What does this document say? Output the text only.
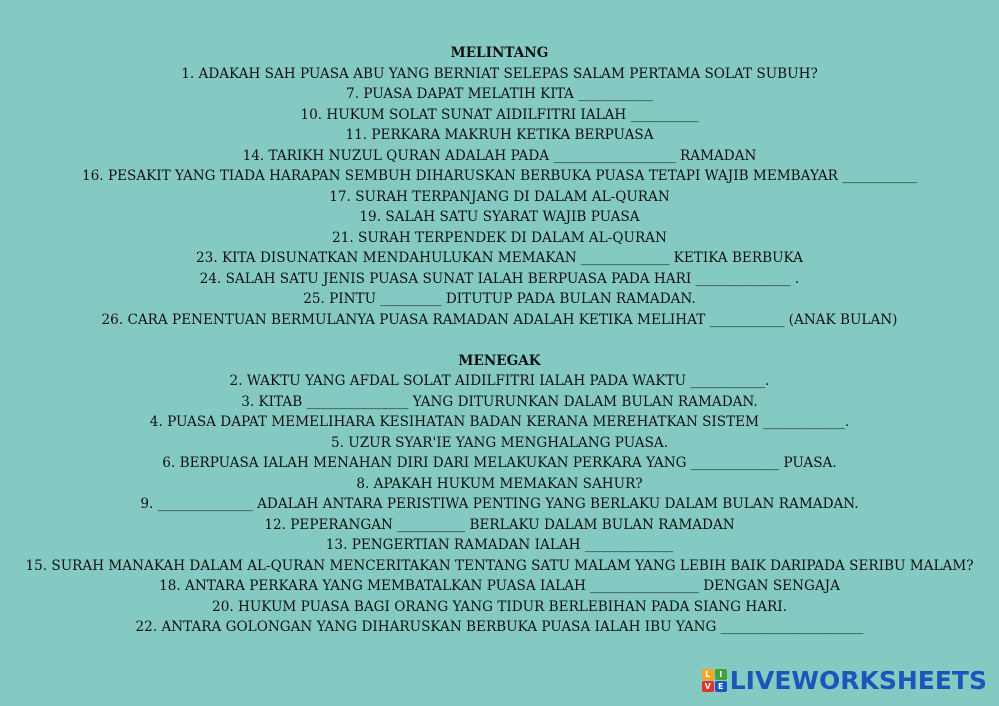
MELINTANG
1. ADAKAH SAH PUASA ABU YANG BERNIAT SELEPAS SALAM PERTAMA SOLAT SUBUH?
7. PUASA DAPAT MELATIH KITA ___________
10. HUKUM SOLAT SUNAT AIDILFITRI IALAH __________
11. PERKARA MAKRUH KETIKA BERPUASA
14. TARIKH NUZUL QURAN ADALAH PADA __________________ RAMADAN
16. PESAKIT YANG TIADA HARAPAN SEMBUH DIHARUSKAN BERBUKA PUASA TETAPI WAJIB MEMBAYAR ___________
17. SURAH TERPANJANG DI DALAM AL-QURAN
19. SALAH SATU SYARAT WAJIB PUASA
21. SURAH TERPENDEK DI DALAM AL-QURAN
23. KITA DISUNATKAN MENDAHULUKAN MEMAKAN _____________ KETIKA BERBUKA
24. SALAH SATU JENIS PUASA SUNAT IALAH BERPUASA PADA HARI ______________ .
25. PINTU _________ DITUTUP PADA BULAN RAMADAN.
26. CARA PENENTUAN BERMULANYA PUASA RAMADAN ADALAH KETIKA MELIHAT ___________ (ANAK BULAN)
MENEGAK
2. WAKTU YANG AFDAL SOLAT AIDILFITRI IALAH PADA WAKTU ___________.
3. KITAB _______________ YANG DITURUNKAN DALAM BULAN RAMADAN.
4. PUASA DAPAT MEMELIHARA KESIHATAN BADAN KERANA MEREHATKAN SISTEM ____________.
5. UZUR SYAR'IE YANG MENGHALANG PUASA.
6. BERPUASA IALAH MENAHAN DIRI DARI MELAKUKAN PERKARA YANG _____________ PUASA.
8. APAKAH HUKUM MEMAKAN SAHUR?
9. ______________ ADALAH ANTARA PERISTIWA PENTING YANG BERLAKU DALAM BULAN RAMADAN.
12. PEPERANGAN __________ BERLAKU DALAM BULAN RAMADAN
13. PENGERTIAN RAMADAN IALAH _____________
15. SURAH MANAKAH DALAM AL-QURAN MENCERITAKAN TENTANG SATU MALAM YANG LEBIH BAIK DARIPADA SERIBU MALAM?
18. ANTARA PERKARA YANG MEMBATALKAN PUASA IALAH ________________ DENGAN SENGAJA
20. HUKUM PUASA BAGI ORANG YANG TIDUR BERLEBIHAN PADA SIANG HARI.
22. ANTARA GOLONGAN YANG DIHARUSKAN BERBUKA PUASA IALAH IBU YANG _____________________
L	I
V E LIVEWORKSHEETS
